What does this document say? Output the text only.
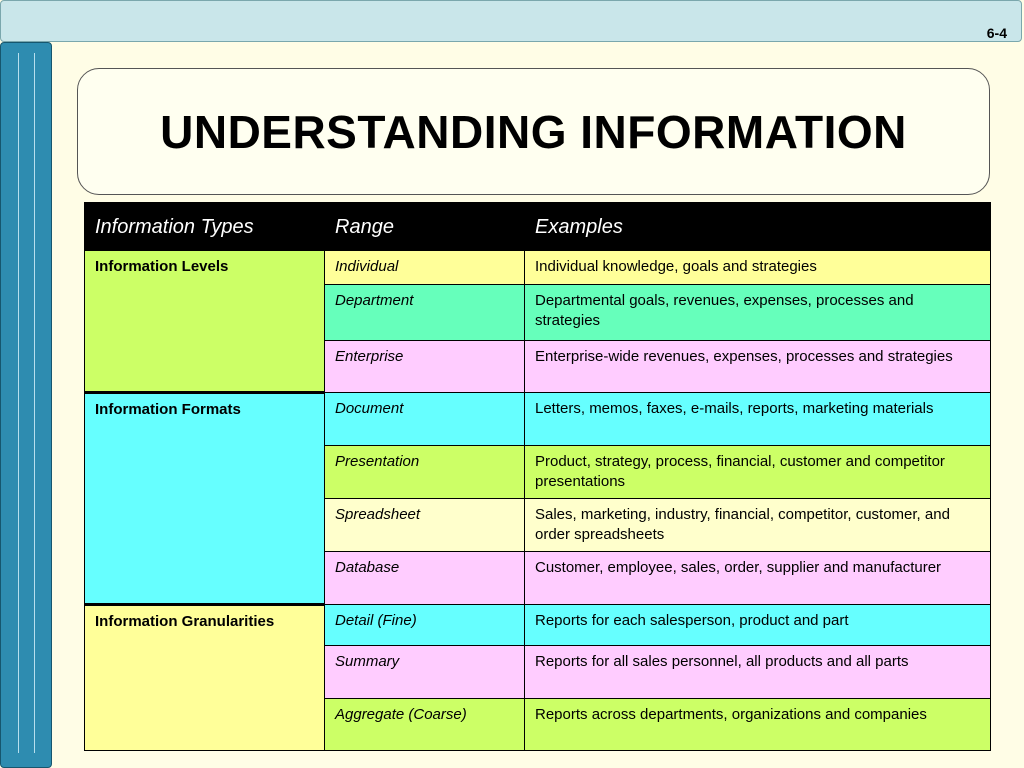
6-4
UNDERSTANDING INFORMATION
Information Types	Range	Examples
Information Levels	Individual	Individual knowledge, goals and strategies
	Department	Departmental goals, revenues, expenses, processes and strategies
	Enterprise	Enterprise-wide revenues, expenses, processes and strategies
Information Formats	Document	Letters, memos, faxes, e-mails, reports, marketing materials
	Presentation	Product, strategy, process, financial, customer and competitor presentations
	Spreadsheet	Sales, marketing, industry, financial, competitor, customer, and order spreadsheets
	Database	Customer, employee, sales, order, supplier and manufacturer
Information Granularities	Detail (Fine)	Reports for each salesperson, product and part
	Summary	Reports for all sales personnel, all products and all parts
	Aggregate (Coarse)	Reports across departments, organizations and companies
